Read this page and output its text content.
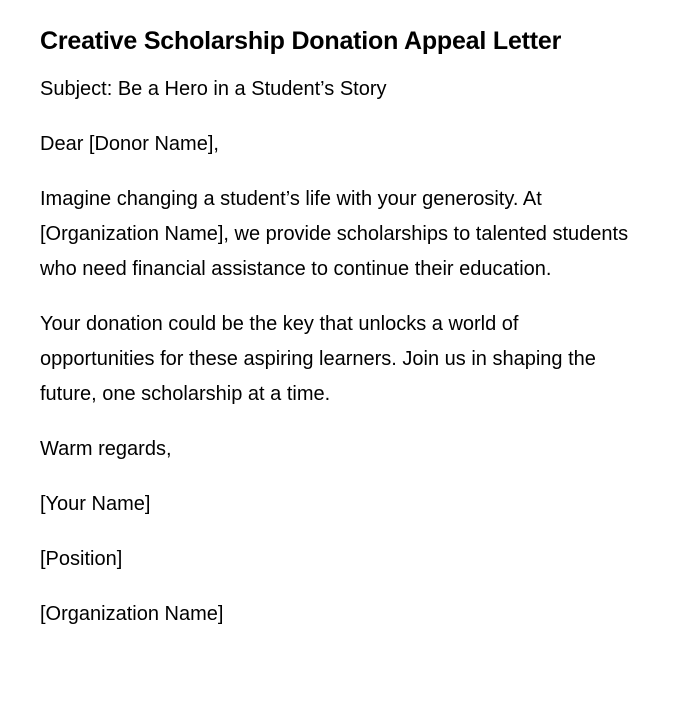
Creative Scholarship Donation Appeal Letter

Subject: Be a Hero in a Student’s Story

Dear [Donor Name],

Imagine changing a student’s life with your generosity. At [Organization Name], we provide scholarships to talented students who need financial assistance to continue their education.

Your donation could be the key that unlocks a world of opportunities for these aspiring learners. Join us in shaping the future, one scholarship at a time.

Warm regards,

[Your Name]

[Position]

[Organization Name]
